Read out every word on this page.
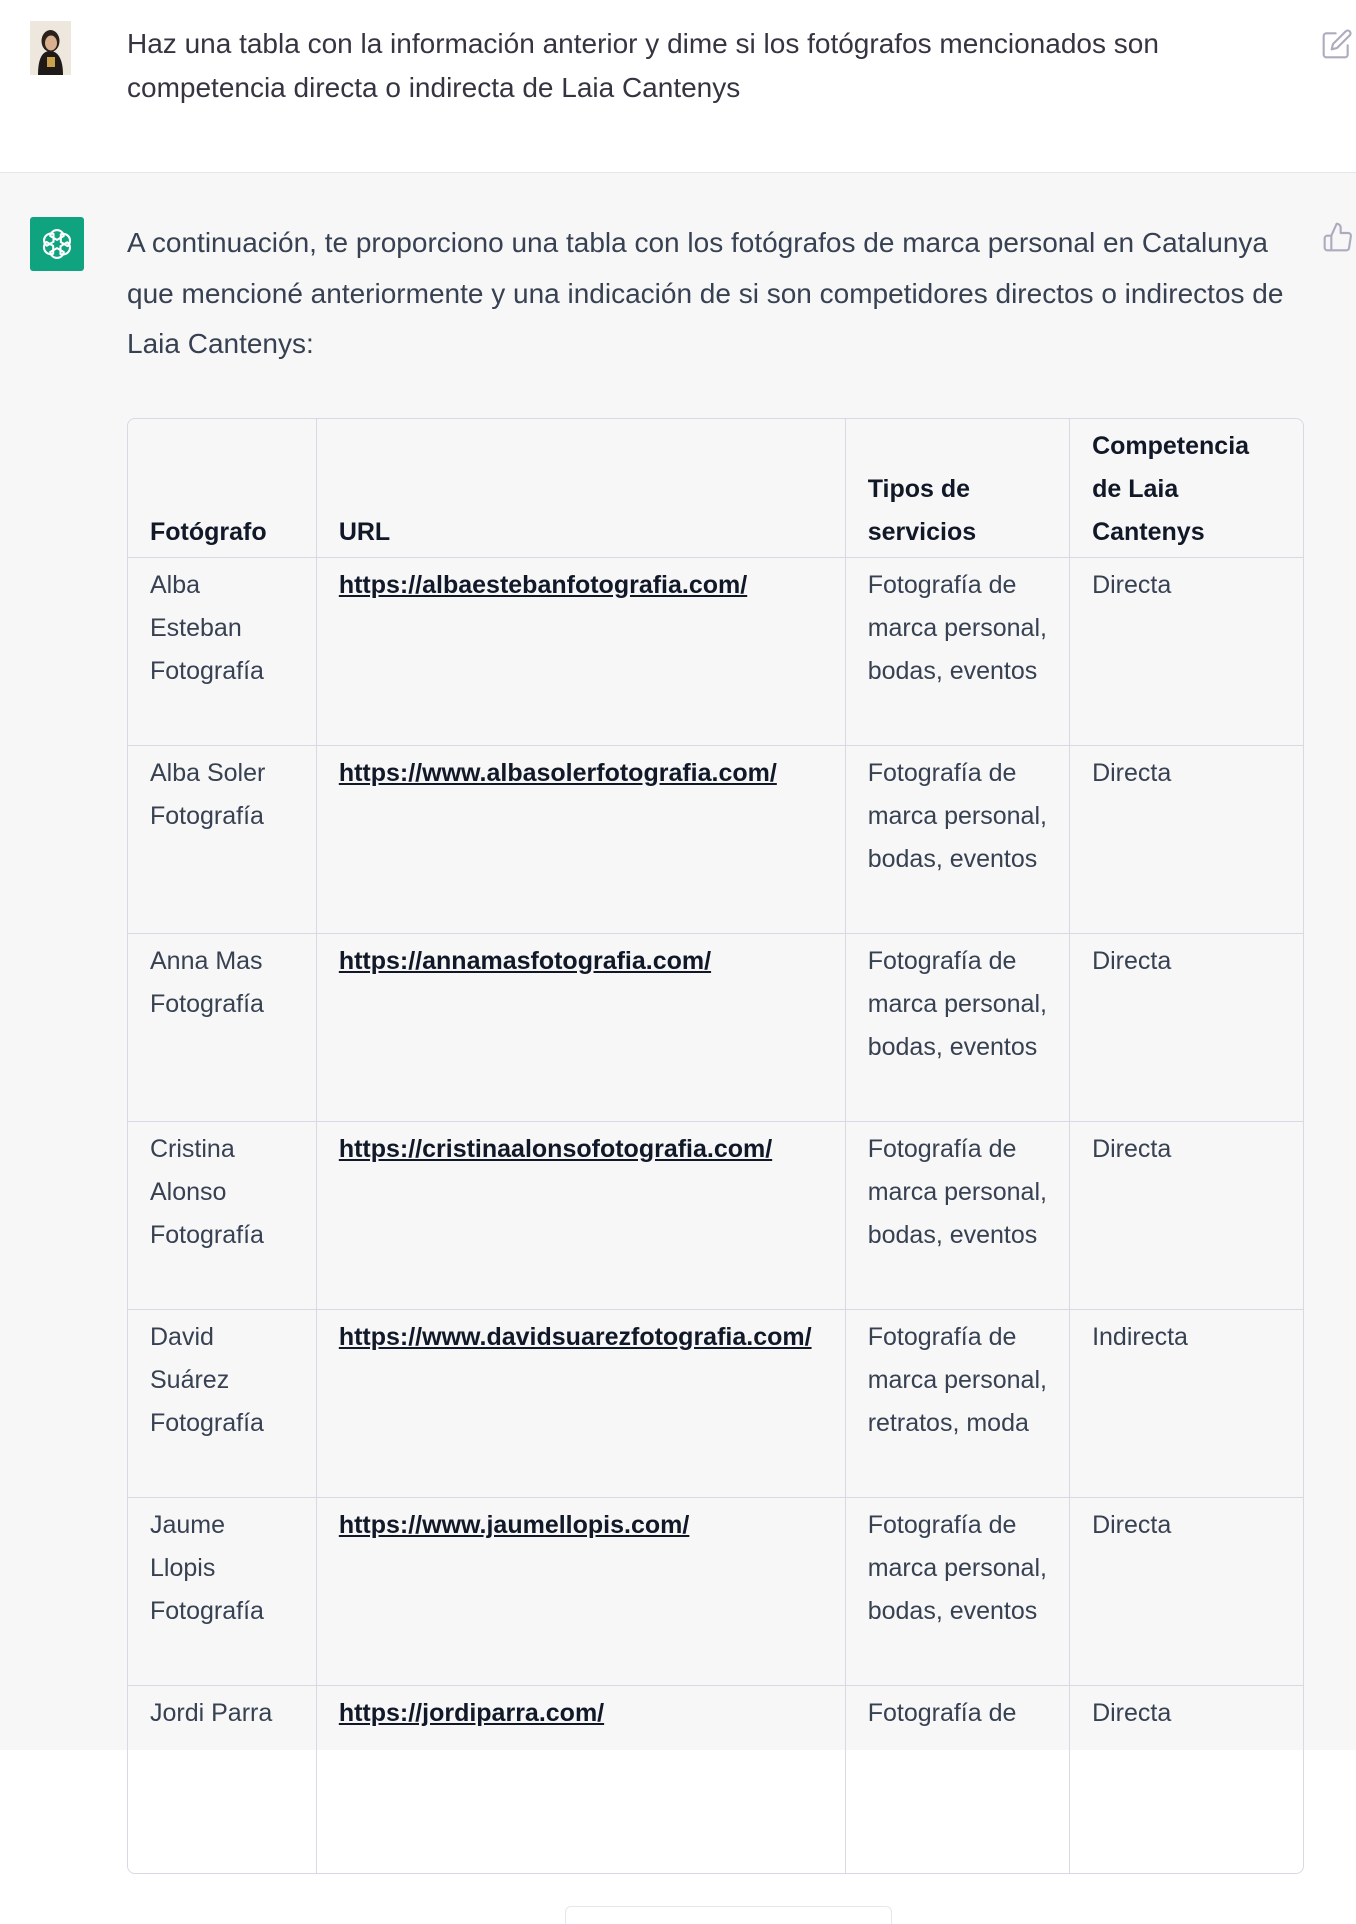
Haz una tabla con la información anterior y dime si los fotógrafos mencionados son competencia directa o indirecta de Laia Cantenys
A continuación, te proporciono una tabla con los fotógrafos de marca personal en Catalunya que mencioné anteriormente y una indicación de si son competidores directos o indirectos de Laia Cantenys:
Fotógrafo	URL	Tipos de servicios	Competencia de Laia Cantenys
Alba Esteban Fotografía	https://albaestebanfotografia.com/	Fotografía de marca personal, bodas, eventos	Directa
Alba Soler Fotografía	https://www.albasolerfotografia.com/	Fotografía de marca personal, bodas, eventos	Directa
Anna Mas Fotografía	https://annamasfotografia.com/	Fotografía de marca personal, bodas, eventos	Directa
Cristina Alonso Fotografía	https://cristinaalonsofotografia.com/	Fotografía de marca personal, bodas, eventos	Directa
David Suárez Fotografía	https://www.davidsuarezfotografia.com/	Fotografía de marca personal, retratos, moda	Indirecta
Jaume Llopis Fotografía	https://www.jaumellopis.com/	Fotografía de marca personal, bodas, eventos	Directa
Jordi Parra	https://jordiparra.com/	Fotografía de	Directa
